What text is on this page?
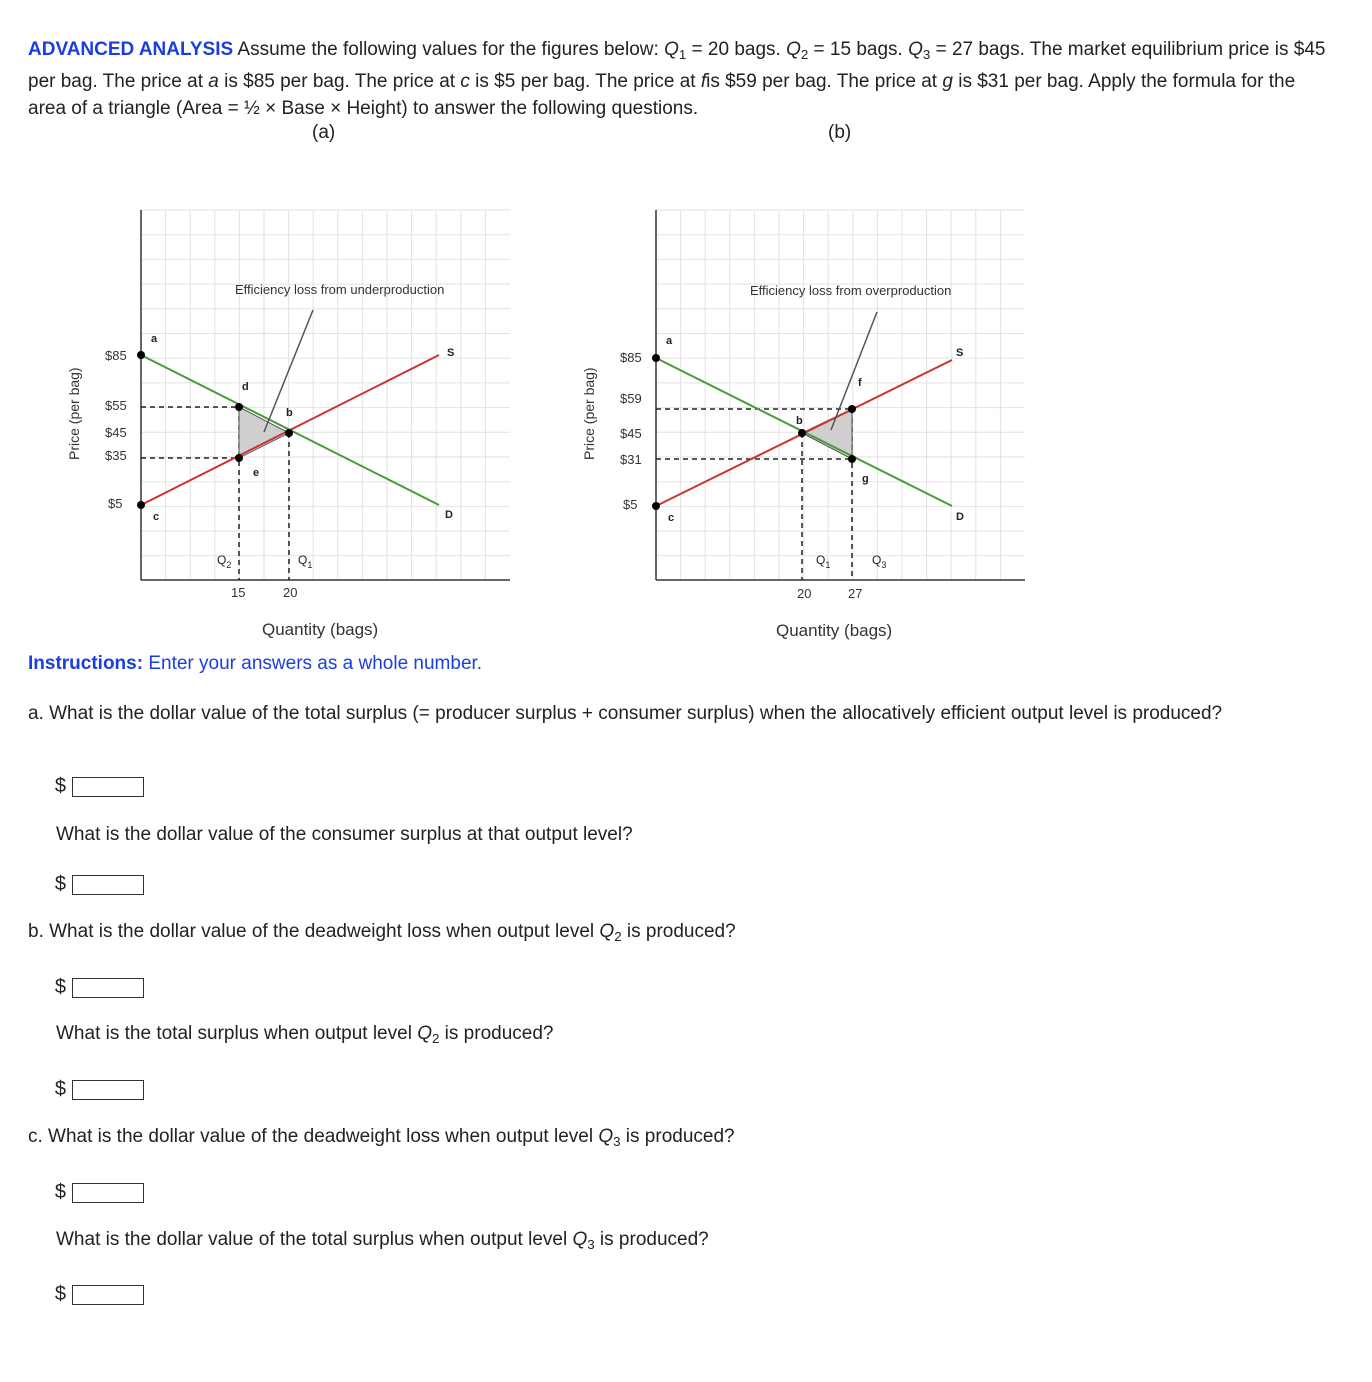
ADVANCED ANALYSIS Assume the following values for the figures below: $Q_1 = 20$ bags. $Q_2 = 15$ bags. $Q_3 = 27$ bags. The market equilibrium price is $45 per bag. The price at a is $85 per bag. The price at c is $5 per bag. The price at fis $59 per bag. The price at g is $31 per bag. Apply the formula for the area of a triangle (Area = ½ × Base × Height) to answer the following questions.
(a)	(b)
Price (per bag)
Efficiency loss from underproduction
$85
$55
$45
$35
$5
a
c
d
b
e
S
D
$Q_2$	$Q_1$
15	20
Price (per bag)
Efficiency loss from overproduction
$85
$59
$45
$31
$5
a
c
b
f
g
S
D
$Q_1$	$Q_3$
20	27
Quantity (bags)	Quantity (bags)
Instructions: Enter your answers as a whole number.
a. What is the dollar value of the total surplus (= producer surplus + consumer surplus) when the allocatively efficient output level is produced?
$
What is the dollar value of the consumer surplus at that output level?
$
b. What is the dollar value of the deadweight loss when output level $Q_2$ is produced?
$
What is the total surplus when output level $Q_2$ is produced?
$
c. What is the dollar value of the deadweight loss when output level $Q_3$ is produced?
$
What is the dollar value of the total surplus when output level $Q_3$ is produced?
$
